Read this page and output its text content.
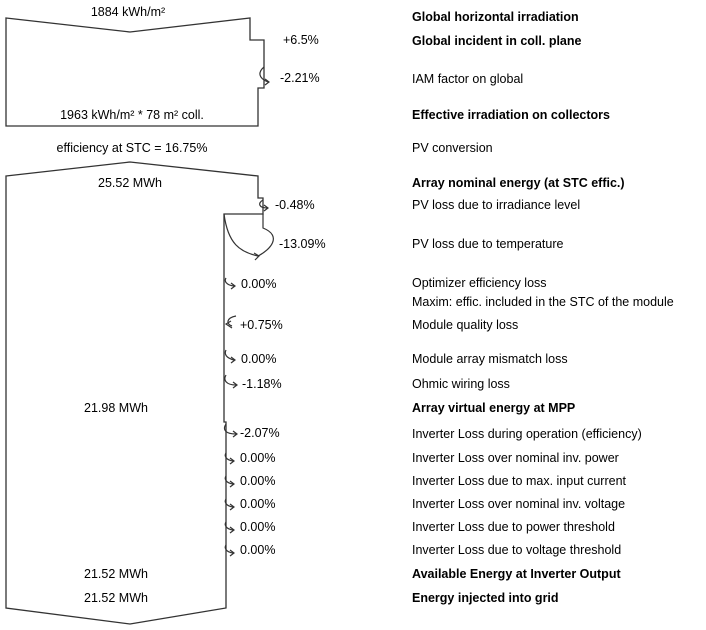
1884 kWh/m²
1963 kWh/m² * 78 m² coll.
efficiency at STC = 16.75%
+6.5%
-2.21%
25.52 MWh
21.98 MWh
21.52 MWh
21.52 MWh
-0.48%
-13.09%
0.00%
+0.75%
0.00%
-1.18%
-2.07%
0.00%
0.00%
0.00%
0.00%
0.00%
Global horizontal irradiation
Global incident in coll. plane
IAM factor on global
Effective irradiation on collectors
PV conversion
Array nominal energy (at STC effic.)
PV loss due to irradiance level
PV loss due to temperature
Optimizer efficiency loss
Maxim: effic. included in the STC of the module
Module quality loss
Module array mismatch loss
Ohmic wiring loss
Array virtual energy at MPP
Inverter Loss during operation (efficiency)
Inverter Loss over nominal inv. power
Inverter Loss due to max. input current
Inverter Loss over nominal inv. voltage
Inverter Loss due to power threshold
Inverter Loss due to voltage threshold
Available Energy at Inverter Output
Energy injected into grid
